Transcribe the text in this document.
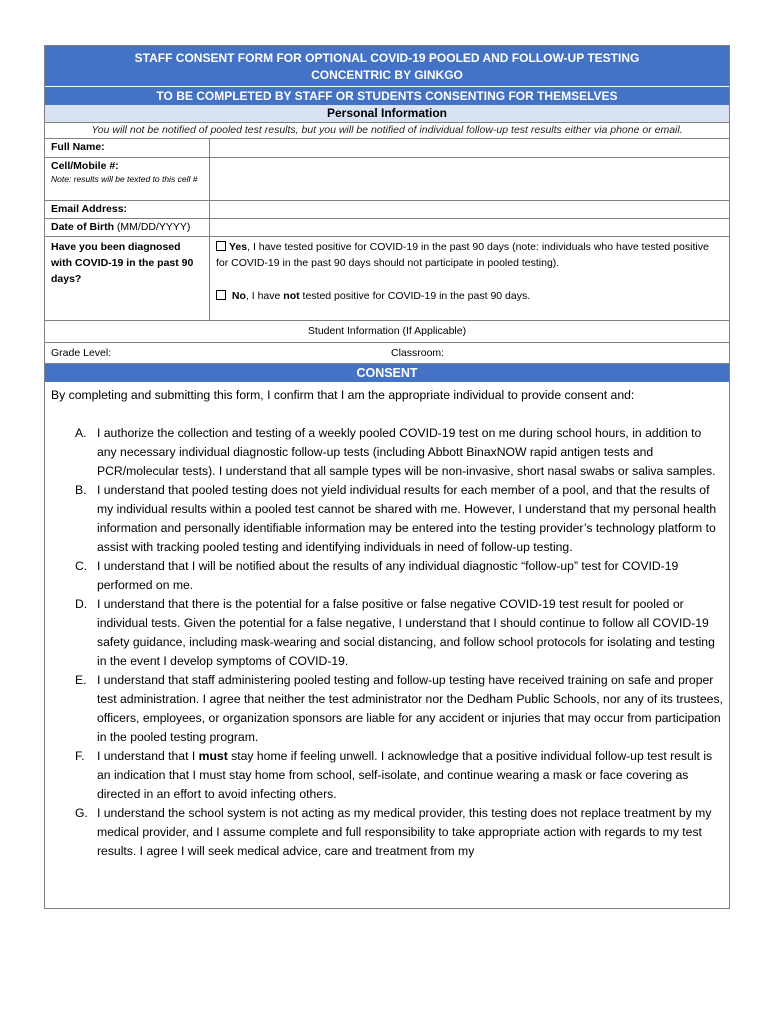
STAFF CONSENT FORM FOR OPTIONAL COVID-19 POOLED AND FOLLOW-UP TESTING
CONCENTRIC BY GINKGO
TO BE COMPLETED BY STAFF OR STUDENTS CONSENTING FOR THEMSELVES
Personal Information
You will not be notified of pooled test results, but you will be notified of individual follow-up test results either via phone or email.
Full Name:
Cell/Mobile #:
Note: results will be texted to this cell #
Email Address:
Date of Birth (MM/DD/YYYY)
Have you been diagnosed with COVID-19 in the past 90 days?
Yes, I have tested positive for COVID-19 in the past 90 days (note: individuals who have tested positive for COVID-19 in the past 90 days should not participate in pooled testing).
No, I have not tested positive for COVID-19 in the past 90 days.
Student Information (If Applicable)
Grade Level:	Classroom:
CONSENT

By completing and submitting this form, I confirm that I am the appropriate individual to provide consent and:

A. I authorize the collection and testing of a weekly pooled COVID-19 test on me during school hours, in addition to any necessary individual diagnostic follow-up tests (including Abbott BinaxNOW rapid antigen tests and PCR/molecular tests). I understand that all sample types will be non-invasive, short nasal swabs or saliva samples.
B. I understand that pooled testing does not yield individual results for each member of a pool, and that the results of my individual results within a pooled test cannot be shared with me. However, I understand that my personal health information and personally identifiable information may be entered into the testing provider’s technology platform to assist with tracking pooled testing and identifying individuals in need of follow-up testing.
C. I understand that I will be notified about the results of any individual diagnostic “follow-up” test for COVID-19 performed on me.
D. I understand that there is the potential for a false positive or false negative COVID-19 test result for pooled or individual tests. Given the potential for a false negative, I understand that I should continue to follow all COVID-19 safety guidance, including mask-wearing and social distancing, and follow school protocols for isolating and testing in the event I develop symptoms of COVID-19.
E. I understand that staff administering pooled testing and follow-up testing have received training on safe and proper test administration. I agree that neither the test administrator nor the Dedham Public Schools, nor any of its trustees, officers, employees, or organization sponsors are liable for any accident or injuries that may occur from participation in the pooled testing program.
F. I understand that I must stay home if feeling unwell. I acknowledge that a positive individual follow-up test result is an indication that I must stay home from school, self-isolate, and continue wearing a mask or face covering as directed in an effort to avoid infecting others.
G. I understand the school system is not acting as my medical provider, this testing does not replace treatment by my medical provider, and I assume complete and full responsibility to take appropriate action with regards to my test results. I agree I will seek medical advice, care and treatment from my
